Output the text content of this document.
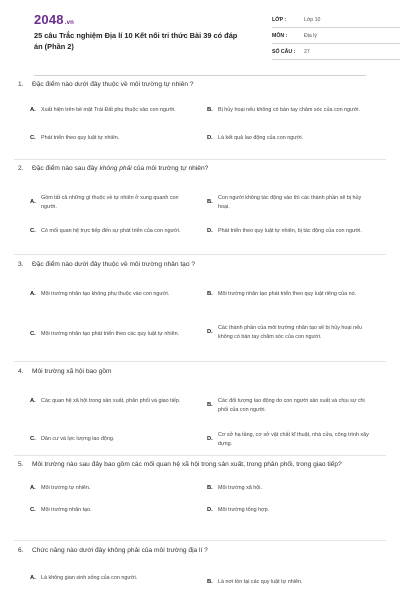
2048.vn
25 câu Trắc nghiệm Địa lí 10 Kết nối tri thức Bài 39 có đáp án (Phần 2)
LỚP :	Lớp 10
MÔN :	Địa lý
SỐ CÂU :	27
1.	Đặc điểm nào dưới đây thuộc về môi trường tự nhiên ?
A. Xuất hiện trên bề mặt Trái Đất phụ thuộc vào con người.	B. Bị hủy hoại nếu không có bàn tay chăm sóc của con người.
C. Phát triển theo quy luật tự nhiên.	D. Là kết quả lao động của con người.
2.	Đặc điểm nào sau đây không phải của môi trường tự nhiên?
A.
Gồm tất cả những gì thuộc về tự nhiên ở xung quanh con người.
B.
Con người không tác động vào thì các thành phần sẽ bị hủy hoại.
C. Có mối quan hệ trực tiếp đến sự phát triển của con người.	D. Phát triển theo quy luật tự nhiên, bị tác động của con người.
3.	Đặc điểm nào dưới đây thuộc về môi trường nhân tạo ?
A. Môi trường nhân tạo không phụ thuộc vào con người.	B. Môi trường nhân tạo phát triển theo quy luật riêng của nó.
C. Môi trường nhân tạo phát triển theo các quy luật tự nhiên.	D.
Các thành phần của môi trường nhân tạo sẽ bị hủy hoại nếu không có bàn tay chăm sóc của con người.
4.	Môi trường xã hội bao gồm
A. Các quan hệ xã hội trong sản xuất, phân phối và giao tiếp.
B.
Các đối tượng lao động do con người sản xuất và chịu sự chi phối của con người.
C. Dân cư và lực lượng lao động.	D.
Cơ sở hạ tầng, cơ sở vật chất kĩ thuật, nhà cửa, công trình xây dựng.
5.	Môi trường nào sau đây bao gồm các mối quan hệ xã hội trong sản xuất, trong phân phối, trong giao tiếp?
A. Môi trường tự nhiên.	B. Môi trường xã hội.
C. Môi trường nhân tạo.	D. Môi trường tổng hợp.
6.	Chức năng nào dưới đây không phải của môi trường địa lí ?
A. Là không gian sinh sống của con người.
B. Là nơi tồn tại các quy luật tự nhiên.
